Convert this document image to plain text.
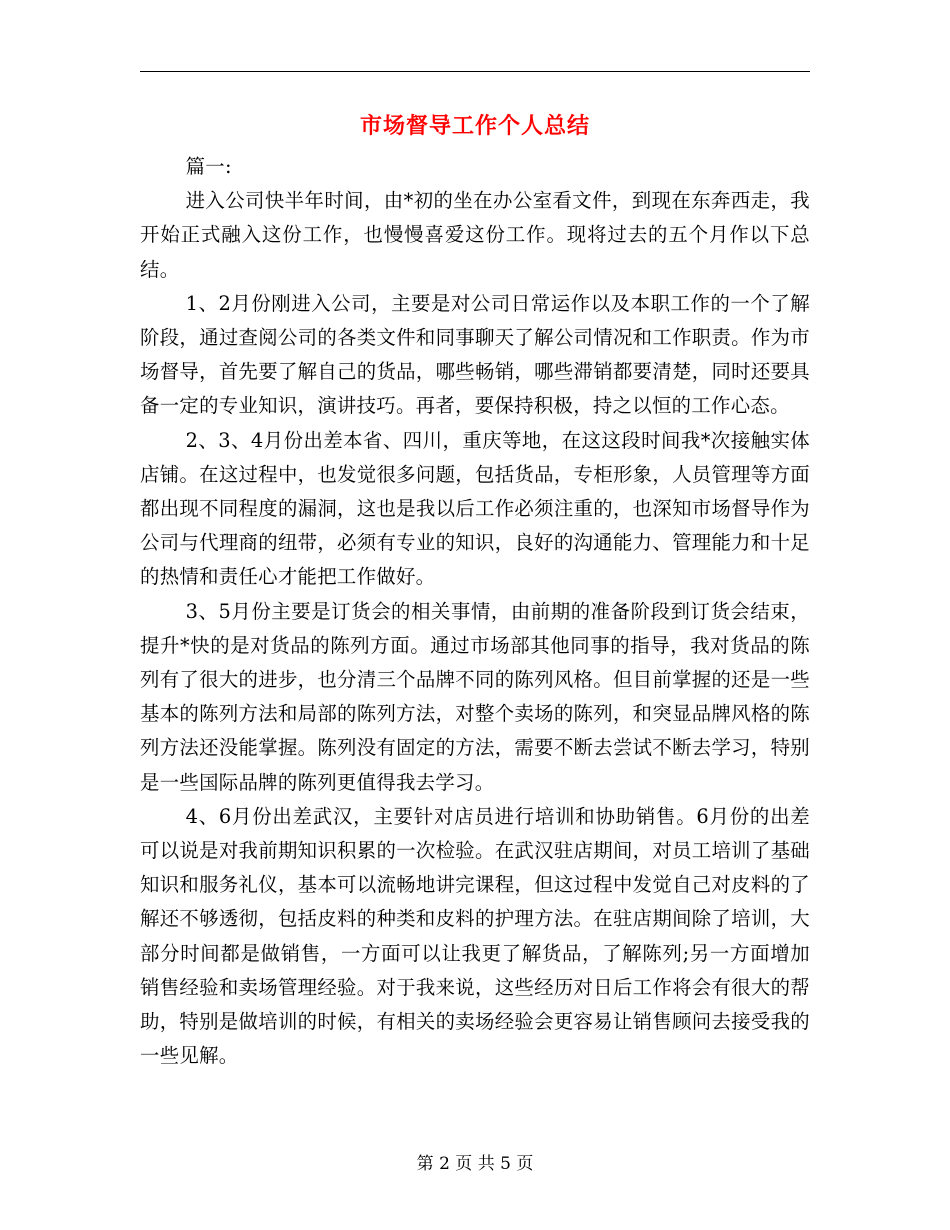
市场督导工作个人总结

篇一:

进入公司快半年时间，由*初的坐在办公室看文件，到现在东奔西走，我开始正式融入这份工作，也慢慢喜爱这份工作。现将过去的五个月作以下总结。

1、2月份刚进入公司，主要是对公司日常运作以及本职工作的一个了解阶段，通过查阅公司的各类文件和同事聊天了解公司情况和工作职责。作为市场督导，首先要了解自己的货品，哪些畅销，哪些滞销都要清楚，同时还要具备一定的专业知识，演讲技巧。再者，要保持积极，持之以恒的工作心态。

2、3、4月份出差本省、四川，重庆等地，在这这段时间我*次接触实体店铺。在这过程中，也发觉很多问题，包括货品，专柜形象，人员管理等方面都出现不同程度的漏洞，这也是我以后工作必须注重的，也深知市场督导作为公司与代理商的纽带，必须有专业的知识，良好的沟通能力、管理能力和十足的热情和责任心才能把工作做好。

3、5月份主要是订货会的相关事情，由前期的准备阶段到订货会结束，提升*快的是对货品的陈列方面。通过市场部其他同事的指导，我对货品的陈列有了很大的进步，也分清三个品牌不同的陈列风格。但目前掌握的还是一些基本的陈列方法和局部的陈列方法，对整个卖场的陈列，和突显品牌风格的陈列方法还没能掌握。陈列没有固定的方法，需要不断去尝试不断去学习，特别是一些国际品牌的陈列更值得我去学习。

4、6月份出差武汉，主要针对店员进行培训和协助销售。6月份的出差可以说是对我前期知识积累的一次检验。在武汉驻店期间，对员工培训了基础知识和服务礼仪，基本可以流畅地讲完课程，但这过程中发觉自己对皮料的了解还不够透彻，包括皮料的种类和皮料的护理方法。在驻店期间除了培训，大部分时间都是做销售，一方面可以让我更了解货品，了解陈列;另一方面增加销售经验和卖场管理经验。对于我来说，这些经历对日后工作将会有很大的帮助，特别是做培训的时候，有相关的卖场经验会更容易让销售顾问去接受我的一些见解。

第 2 页 共 5 页
